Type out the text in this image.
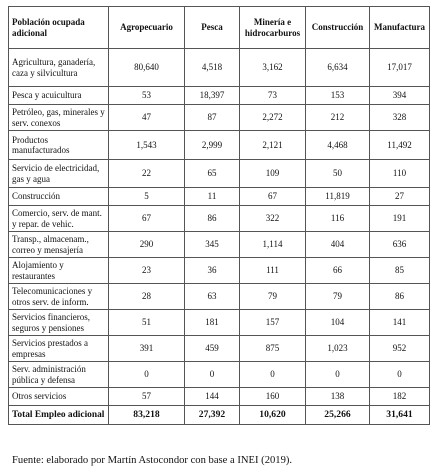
Población ocupada adicional	Agropecuario	Pesca	Minería e hidrocarburos	Construcción	Manufactura
Agricultura, ganadería, caza y silvicultura	80,640	4,518	3,162	6,634	17,017
Pesca y acuicultura	53	18,397	73	153	394
Petróleo, gas, minerales y serv. conexos	47	87	2,272	212	328
Productos manufacturados	1,543	2,999	2,121	4,468	11,492
Servicio de electricidad, gas y agua	22	65	109	50	110
Construcción	5	11	67	11,819	27
Comercio, serv. de mant. y repar. de vehic.	67	86	322	116	191
Transp., almacenam., correo y mensajería	290	345	1,114	404	636
Alojamiento y restaurantes	23	36	111	66	85
Telecomunicaciones y otros serv. de inform.	28	63	79	79	86
Servicios financieros, seguros y pensiones	51	181	157	104	141
Servicios prestados a empresas	391	459	875	1,023	952
Serv. administración pública y defensa	0	0	0	0	0
Otros servicios	57	144	160	138	182
Total Empleo adicional	83,218	27,392	10,620	25,266	31,641
Fuente: elaborado por Martín Astocondor con base a INEI (2019).
